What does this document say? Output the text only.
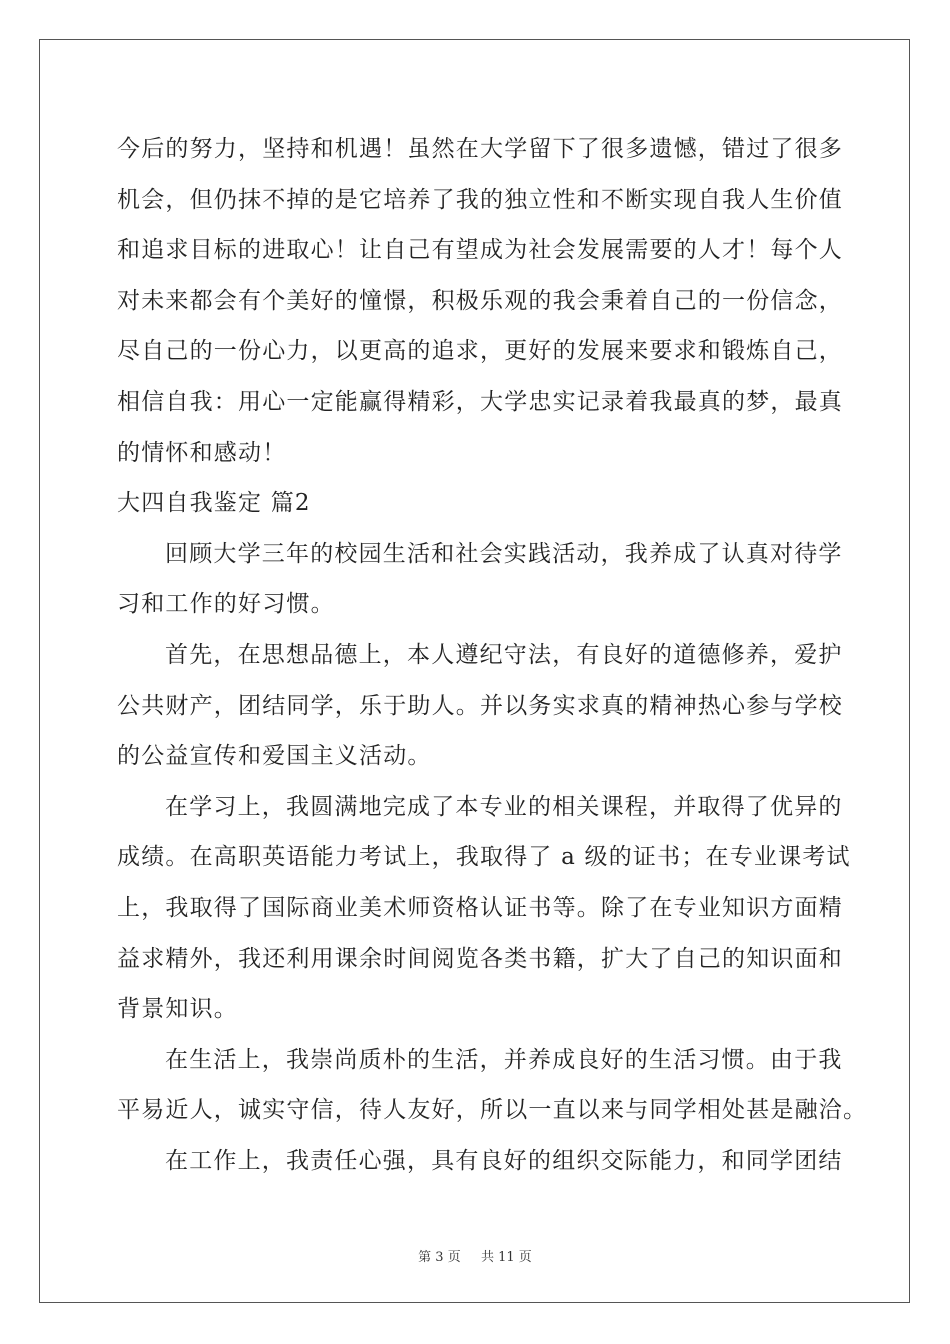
今后的努力，坚持和机遇！虽然在大学留下了很多遗憾，错过了很多
机会，但仍抹不掉的是它培养了我的独立性和不断实现自我人生价值
和追求目标的进取心！让自己有望成为社会发展需要的人才！每个人
对未来都会有个美好的憧憬，积极乐观的我会秉着自己的一份信念，
尽自己的一份心力，以更高的追求，更好的发展来要求和锻炼自己，
相信自我：用心一定能赢得精彩，大学忠实记录着我最真的梦，最真
的情怀和感动！
大四自我鉴定 篇2
回顾大学三年的校园生活和社会实践活动，我养成了认真对待学
习和工作的好习惯。
首先，在思想品德上，本人遵纪守法，有良好的道德修养，爱护
公共财产，团结同学，乐于助人。并以务实求真的精神热心参与学校
的公益宣传和爱国主义活动。
在学习上，我圆满地完成了本专业的相关课程，并取得了优异的
成绩。在高职英语能力考试上，我取得了 a 级的证书；在专业课考试
上，我取得了国际商业美术师资格认证书等。除了在专业知识方面精
益求精外，我还利用课余时间阅览各类书籍，扩大了自己的知识面和
背景知识。
在生活上，我崇尚质朴的生活，并养成良好的生活习惯。由于我
平易近人，诚实守信，待人友好，所以一直以来与同学相处甚是融洽。
在工作上，我责任心强，具有良好的组织交际能力，和同学团结
第 3 页 共 11 页
